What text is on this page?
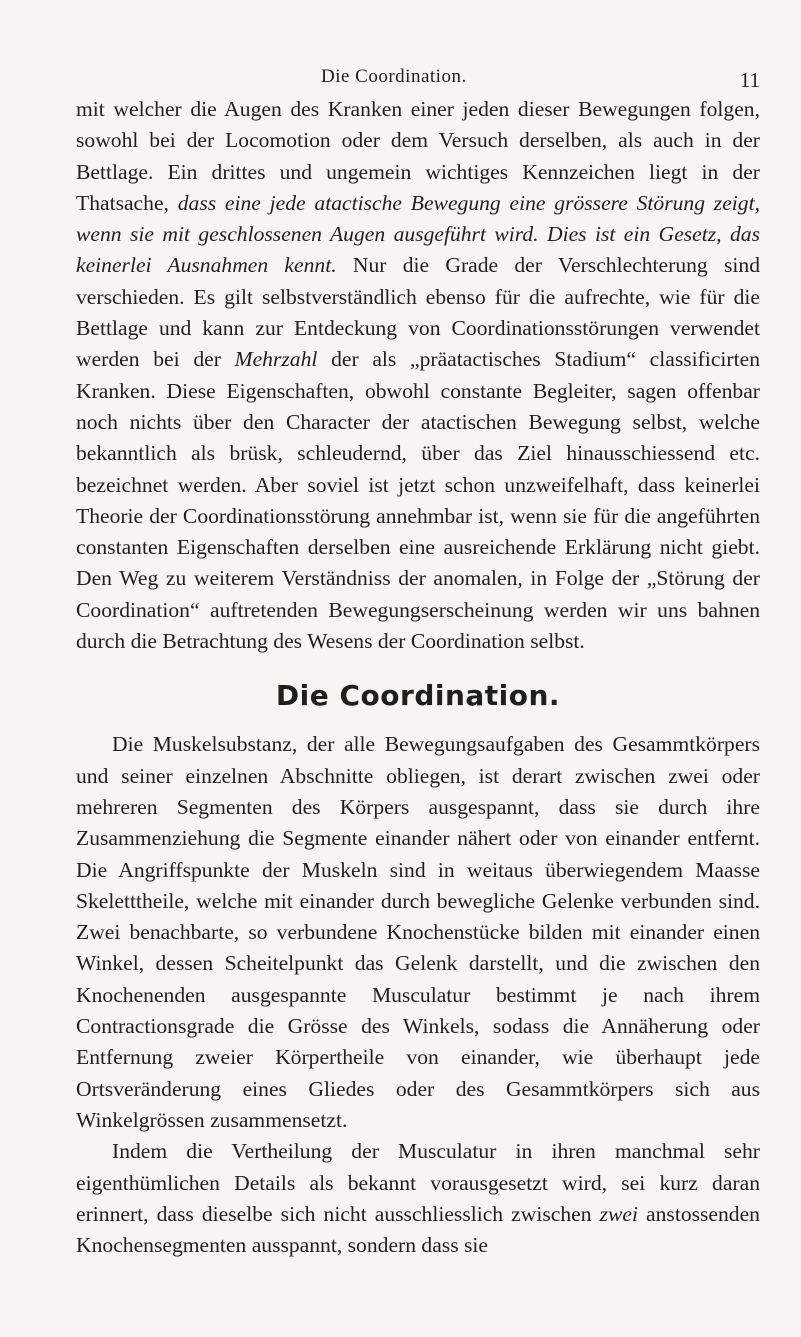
Die Coordination.	11

mit welcher die Augen des Kranken einer jeden dieser Bewegungen folgen, sowohl bei der Locomotion oder dem Versuch derselben, als auch in der Bettlage. Ein drittes und ungemein wichtiges Kennzeichen liegt in der Thatsache, dass eine jede atactische Bewegung eine grössere Störung zeigt, wenn sie mit geschlossenen Augen ausgeführt wird. Dies ist ein Gesetz, das keinerlei Ausnahmen kennt. Nur die Grade der Verschlechterung sind verschieden. Es gilt selbstverständlich ebenso für die aufrechte, wie für die Bettlage und kann zur Entdeckung von Coordinationsstörungen verwendet werden bei der Mehrzahl der als „präatactisches Stadium“ classificirten Kranken. Diese Eigenschaften, obwohl constante Begleiter, sagen offenbar noch nichts über den Character der atactischen Bewegung selbst, welche bekanntlich als brüsk, schleudernd, über das Ziel hinausschiessend etc. bezeichnet werden. Aber soviel ist jetzt schon unzweifelhaft, dass keinerlei Theorie der Coordinationsstörung annehmbar ist, wenn sie für die angeführten constanten Eigenschaften derselben eine ausreichende Erklärung nicht giebt. Den Weg zu weiterem Verständniss der anomalen, in Folge der „Störung der Coordination“ auftretenden Bewegungserscheinung werden wir uns bahnen durch die Betrachtung des Wesens der Coordination selbst.

Die Coordination.

Die Muskelsubstanz, der alle Bewegungsaufgaben des Gesammtkörpers und seiner einzelnen Abschnitte obliegen, ist derart zwischen zwei oder mehreren Segmenten des Körpers ausgespannt, dass sie durch ihre Zusammenziehung die Segmente einander nähert oder von einander entfernt. Die Angriffspunkte der Muskeln sind in weitaus überwiegendem Maasse Skeletttheile, welche mit einander durch bewegliche Gelenke verbunden sind. Zwei benachbarte, so verbundene Knochenstücke bilden mit einander einen Winkel, dessen Scheitelpunkt das Gelenk darstellt, und die zwischen den Knochenenden ausgespannte Musculatur bestimmt je nach ihrem Contractionsgrade die Grösse des Winkels, sodass die Annäherung oder Entfernung zweier Körpertheile von einander, wie überhaupt jede Ortsveränderung eines Gliedes oder des Gesammtkörpers sich aus Winkelgrössen zusammensetzt.

Indem die Vertheilung der Musculatur in ihren manchmal sehr eigenthümlichen Details als bekannt vorausgesetzt wird, sei kurz daran erinnert, dass dieselbe sich nicht ausschliesslich zwischen zwei anstossenden Knochensegmenten ausspannt, sondern dass sie
